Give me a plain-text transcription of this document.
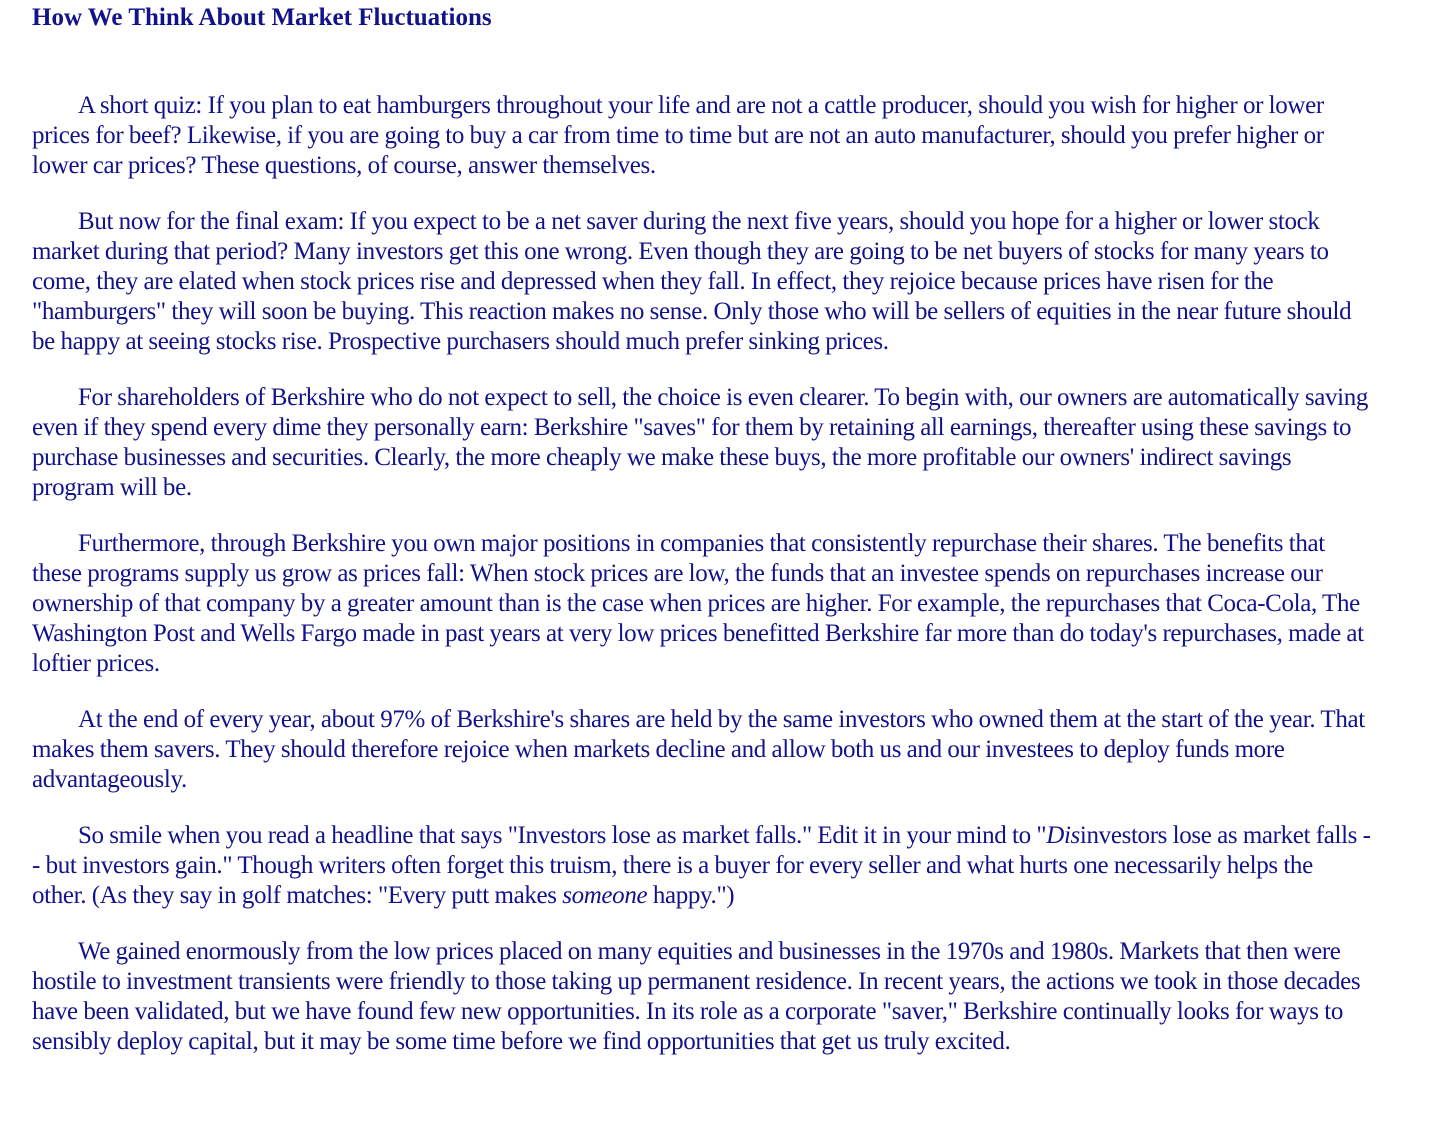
How We Think About Market Fluctuations

A short quiz: If you plan to eat hamburgers throughout your life and are not a cattle producer, should you wish for higher or lower prices for beef? Likewise, if you are going to buy a car from time to time but are not an auto manufacturer, should you prefer higher or lower car prices? These questions, of course, answer themselves.

But now for the final exam: If you expect to be a net saver during the next five years, should you hope for a higher or lower stock market during that period? Many investors get this one wrong. Even though they are going to be net buyers of stocks for many years to come, they are elated when stock prices rise and depressed when they fall. In effect, they rejoice because prices have risen for the "hamburgers" they will soon be buying. This reaction makes no sense. Only those who will be sellers of equities in the near future should be happy at seeing stocks rise. Prospective purchasers should much prefer sinking prices.

For shareholders of Berkshire who do not expect to sell, the choice is even clearer. To begin with, our owners are automatically saving even if they spend every dime they personally earn: Berkshire "saves" for them by retaining all earnings, thereafter using these savings to purchase businesses and securities. Clearly, the more cheaply we make these buys, the more profitable our owners' indirect savings program will be.

Furthermore, through Berkshire you own major positions in companies that consistently repurchase their shares. The benefits that these programs supply us grow as prices fall: When stock prices are low, the funds that an investee spends on repurchases increase our ownership of that company by a greater amount than is the case when prices are higher. For example, the repurchases that Coca-Cola, The Washington Post and Wells Fargo made in past years at very low prices benefitted Berkshire far more than do today's repurchases, made at loftier prices.

At the end of every year, about 97% of Berkshire's shares are held by the same investors who owned them at the start of the year. That makes them savers. They should therefore rejoice when markets decline and allow both us and our investees to deploy funds more advantageously.

So smile when you read a headline that says "Investors lose as market falls." Edit it in your mind to "Disinvestors lose as market falls -- but investors gain." Though writers often forget this truism, there is a buyer for every seller and what hurts one necessarily helps the other. (As they say in golf matches: "Every putt makes someone happy.")

We gained enormously from the low prices placed on many equities and businesses in the 1970s and 1980s. Markets that then were hostile to investment transients were friendly to those taking up permanent residence. In recent years, the actions we took in those decades have been validated, but we have found few new opportunities. In its role as a corporate "saver," Berkshire continually looks for ways to sensibly deploy capital, but it may be some time before we find opportunities that get us truly excited.
